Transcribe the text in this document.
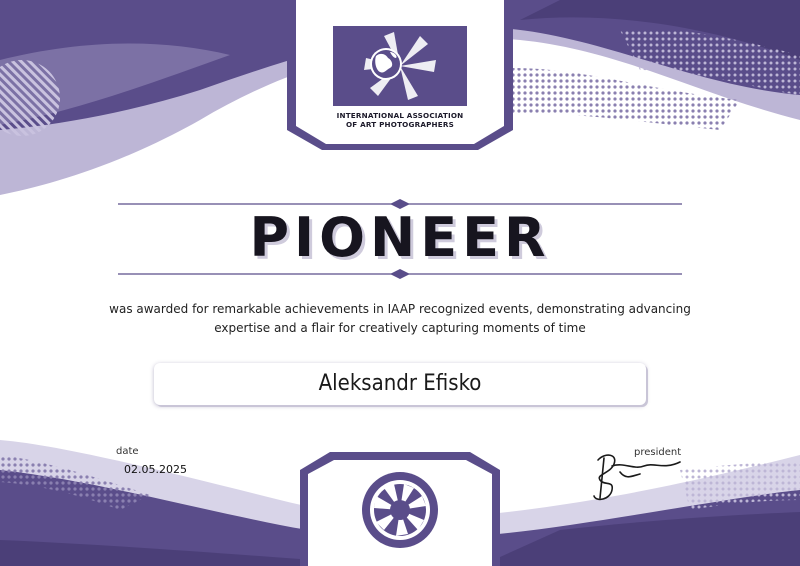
INTERNATIONAL ASSOCIATION
OF ART PHOTOGRAPHERS
PIONEER
was awarded for remarkable achievements in IAAP recognized events, demonstrating advancing expertise and a flair for creatively capturing moments of time
Aleksandr Efisko
date
02.05.2025
president
